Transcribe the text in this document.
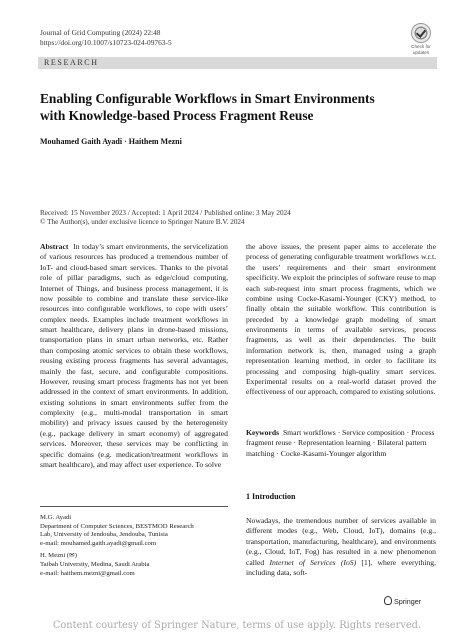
Journal of Grid Computing (2024) 22:48
https://doi.org/10.1007/s10723-024-09763-5	Check for
updates
RESEARCH
Enabling Configurable Workflows in Smart Environments
with Knowledge-based Process Fragment Reuse
Mouhamed Gaith Ayadi · Haithem Mezni
Received: 15 November 2023 / Accepted: 1 April 2024 / Published online: 3 May 2024
© The Author(s), under exclusive licence to Springer Nature B.V. 2024
Abstract In today’s smart environments, the servicelization of various resources has produced a tremendous number of IoT- and cloud-based smart services. Thanks to the pivotal role of pillar paradigms, such as edge/cloud computing, Internet of Things, and business process management, it is now possible to combine and translate these service-like resources into configurable workflows, to cope with users’ complex needs. Examples include treatment workflows in smart healthcare, delivery plans in drone-based missions, transportation plans in smart urban networks, etc. Rather than composing atomic services to obtain these workflows, reusing existing process fragments has several advantages, mainly the fast, secure, and configurable compositions. However, reusing smart process fragments has not yet been addressed in the context of smart environments. In addition, existing solutions in smart environments suffer from the complexity (e.g., multi-modal transportation in smart mobility) and privacy issues caused by the heterogeneity (e.g., package delivery in smart economy) of aggregated services. Moreover, these services may be conflicting in specific domains (e.g. medication/treatment workflows in smart healthcare), and may affect user experience. To solve
the above issues, the present paper aims to accelerate the process of generating configurable treatment workflows w.r.t. the users’ requirements and their smart environment specificity. We exploit the principles of software reuse to map each sub-request into smart process fragments, which we combine using Cocke-Kasami-Younger (CKY) method, to finally obtain the suitable workflow. This contribution is preceded by a knowledge graph modeling of smart environments in terms of available services, process fragments, as well as their dependencies. The built information network is, then, managed using a graph representation learning method, in order to facilitate its processing and composing high-quality smart services. Experimental results on a real-world dataset proved the effectiveness of our approach, compared to existing solutions.
Keywords Smart workflows · Service composition · Process fragment reuse · Representation learning · Bilateral pattern matching · Cocke-Kasami-Younger algorithm
1 Introduction
Nowadays, the tremendous number of services available in different modes (e.g., Web, Cloud, IoT), domains (e.g., transportation, manufacturing, healthcare), and environments (e.g., Cloud, IoT, Fog) has resulted in a new phenomenon called Internet of Services (IoS) [1], where everything, including data, soft-
M.G. Ayadi
Department of Computer Sciences, BESTMOD Research
Lab, University of Jendouba, Jendouba, Tunisia
e-mail: mouhamed.gaith.ayadi@gmail.com
H. Mezni (✉)
Taibah University, Medina, Saudi Arabia
e-mail: haithem.mezni@gmail.com
Springer
Content courtesy of Springer Nature, terms of use apply. Rights reserved.
